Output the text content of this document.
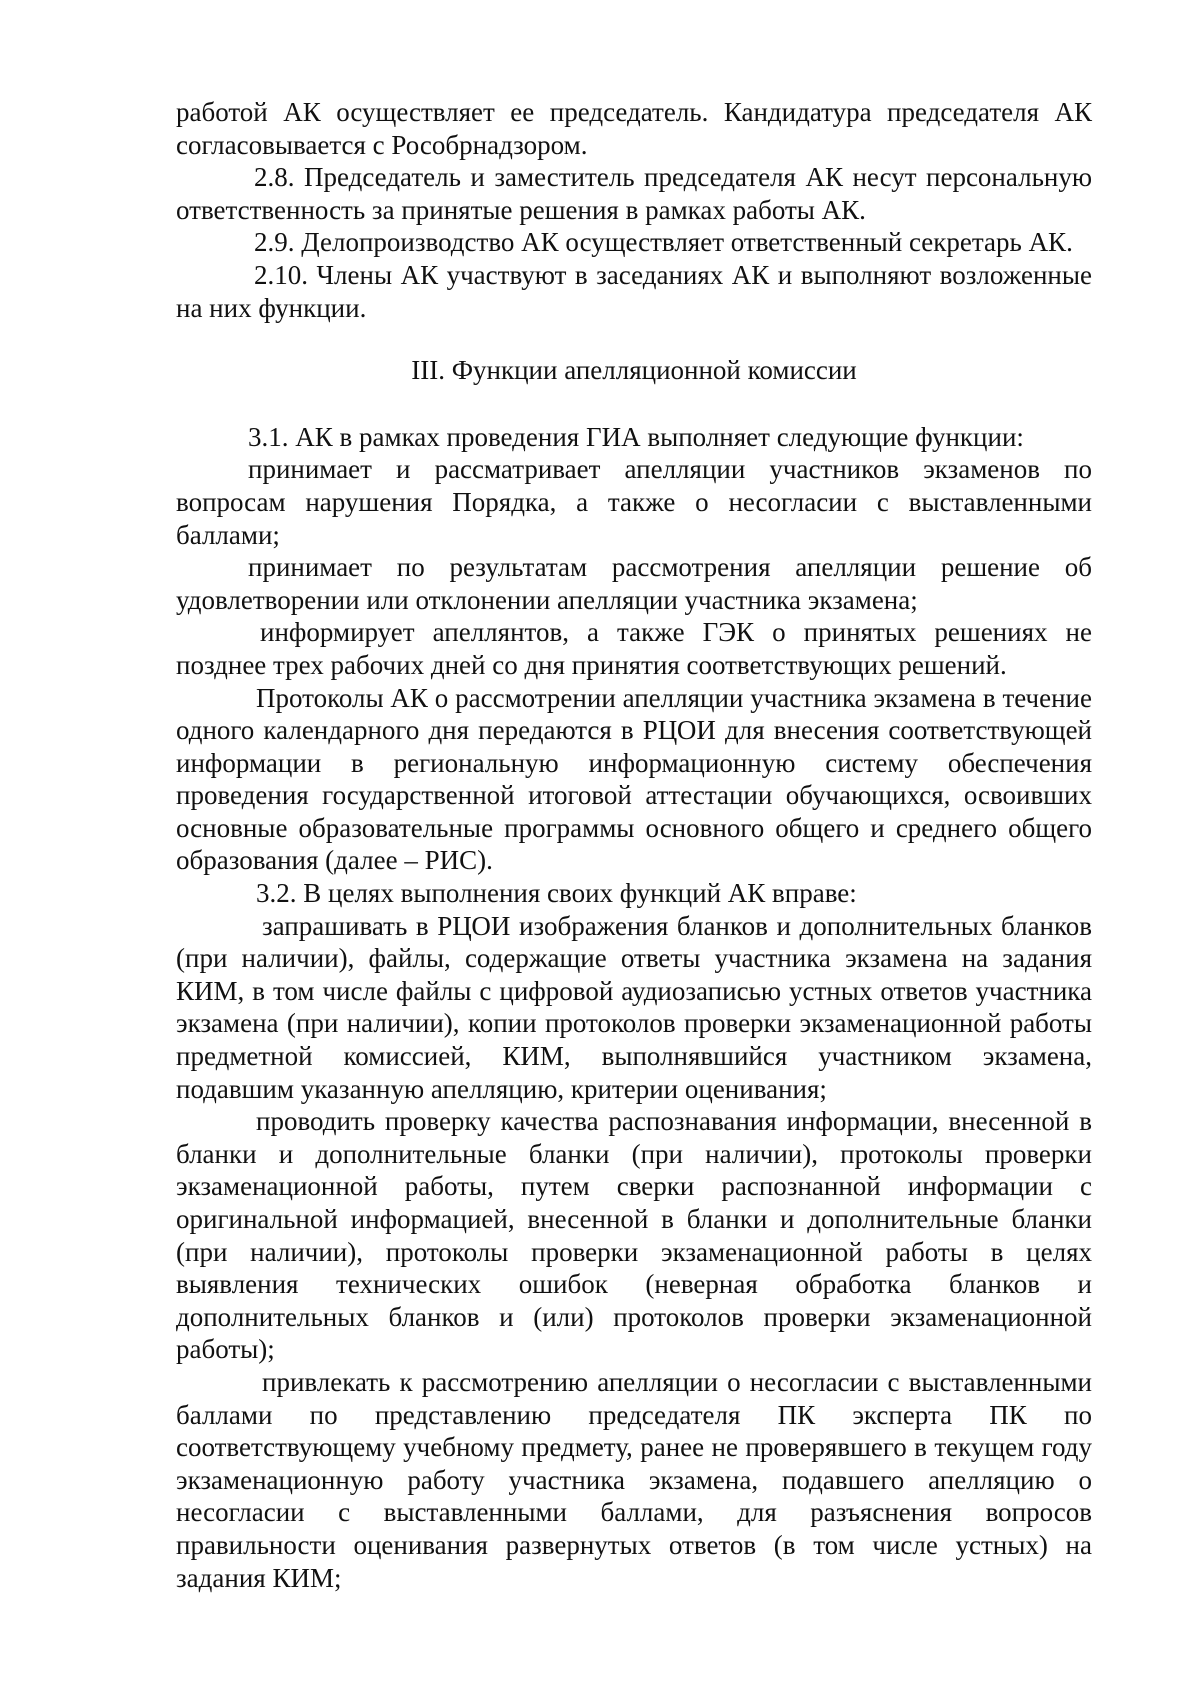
работой АК осуществляет ее председатель. Кандидатура председателя АК согласовывается с Рособрнадзором.

2.8. Председатель и заместитель председателя АК несут персональную ответственность за принятые решения в рамках работы АК.

2.9. Делопроизводство АК осуществляет ответственный секретарь АК.

2.10. Члены АК участвуют в заседаниях АК и выполняют возложенные на них функции.

III. Функции апелляционной комиссии

3.1. АК в рамках проведения ГИА выполняет следующие функции:

принимает и рассматривает апелляции участников экзаменов по вопросам нарушения Порядка, а также о несогласии с выставленными баллами;

принимает по результатам рассмотрения апелляции решение об удовлетворении или отклонении апелляции участника экзамена;

информирует апеллянтов, а также ГЭК о принятых решениях не позднее трех рабочих дней со дня принятия соответствующих решений.

Протоколы АК о рассмотрении апелляции участника экзамена в течение одного календарного дня передаются в РЦОИ для внесения соответствующей информации в региональную информационную систему обеспечения проведения государственной итоговой аттестации обучающихся, освоивших основные образовательные программы основного общего и среднего общего образования (далее – РИС).

3.2. В целях выполнения своих функций АК вправе:

запрашивать в РЦОИ изображения бланков и дополнительных бланков (при наличии), файлы, содержащие ответы участника экзамена на задания КИМ, в том числе файлы с цифровой аудиозаписью устных ответов участника экзамена (при наличии), копии протоколов проверки экзаменационной работы предметной комиссией, КИМ, выполнявшийся участником экзамена, подавшим указанную апелляцию, критерии оценивания;

проводить проверку качества распознавания информации, внесенной в бланки и дополнительные бланки (при наличии), протоколы проверки экзаменационной работы, путем сверки распознанной информации с оригинальной информацией, внесенной в бланки и дополнительные бланки (при наличии), протоколы проверки экзаменационной работы в целях выявления технических ошибок (неверная обработка бланков и дополнительных бланков и (или) протоколов проверки экзаменационной работы);

привлекать к рассмотрению апелляции о несогласии с выставленными баллами по представлению председателя ПК эксперта ПК по соответствующему учебному предмету, ранее не проверявшего в текущем году экзаменационную работу участника экзамена, подавшего апелляцию о несогласии с выставленными баллами, для разъяснения вопросов правильности оценивания развернутых ответов (в том числе устных) на задания КИМ;
